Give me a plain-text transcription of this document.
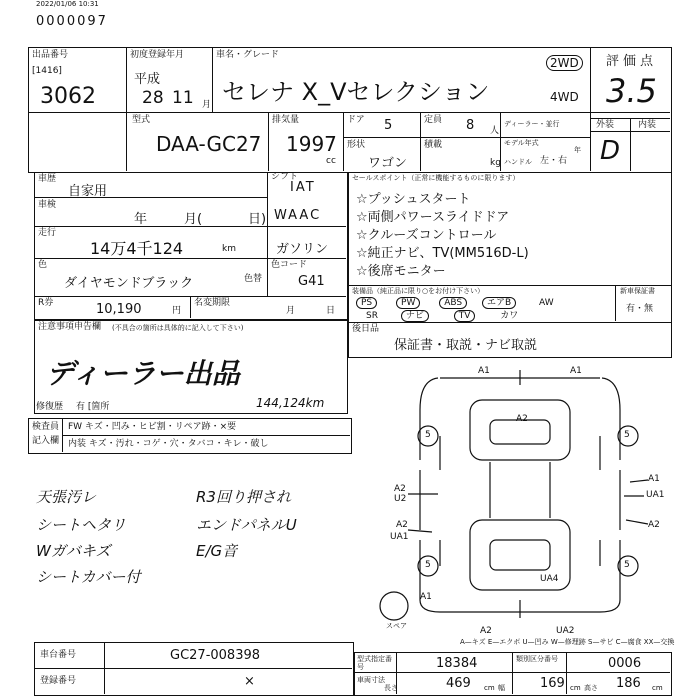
2022/01/06 10:31
0000097
出品番号
[1416]
3062
初度登録年月
平成
28 11 月
車名・グレード
セレナ X_Vセレクション
2WD
4WD
評価点
3.5
外装	内装
D
型式
DAA-GC27
排気量
1997
cc
ドア 5	定員 8 人
ディーラー・並行
モデル年式
年
形状
ワゴン
積載
kg ハンドル 左・右
車歴
自家用
車検
年	月(	日)
走行
14万4千124	km
シフト
IAT
WAAC
ガソリン
色
ダイヤモンドブラック	色替
色コード
G41
R券	10,190	円
名変期限
月	日
セールスポイント（正常に機能するものに限ります）
☆プッシュスタート
☆両側パワースライドドア
☆クルーズコントロール
☆純正ナビ、TV(MM516D-L)
☆後席モニター
装備品（純正品に限り○をお付け下さい）
PS	PW	ABS	エアB	AW
SR	ナビ	TV	カワ
新車保証書
有・無
後日品
保証書・取説・ナビ取説
注意事項申告欄 (不具合の箇所は具体的に記入して下さい)
ディーラー出品
修復歴 有 [箇所	144,124km
検査員
記入欄
FW キズ・凹み・ヒビ割・リペア跡・×要
内装 キズ・汚れ・コゲ・穴・タバコ・キレ・破し
天張汚レ
シートヘタリ
Wガバキズ
シートカバー付
R3回り押され
エンドパネルU
E/G音
A1	A1
A2
5	5
A2
U2
A2
UA1
A1
UA1
A2
5	5
UA4
A1
A2	UA2
スペア
A—キズ E—エクボ U—凹み W—修理跡 S—サビ C—腐食 XX—交換
車台番号	GC27-008398
登録番号	×
型式指定番号	18384	類別区分番号	0006
車両寸法
長さ	469 cm 幅	169 cm 高さ 186 cm
